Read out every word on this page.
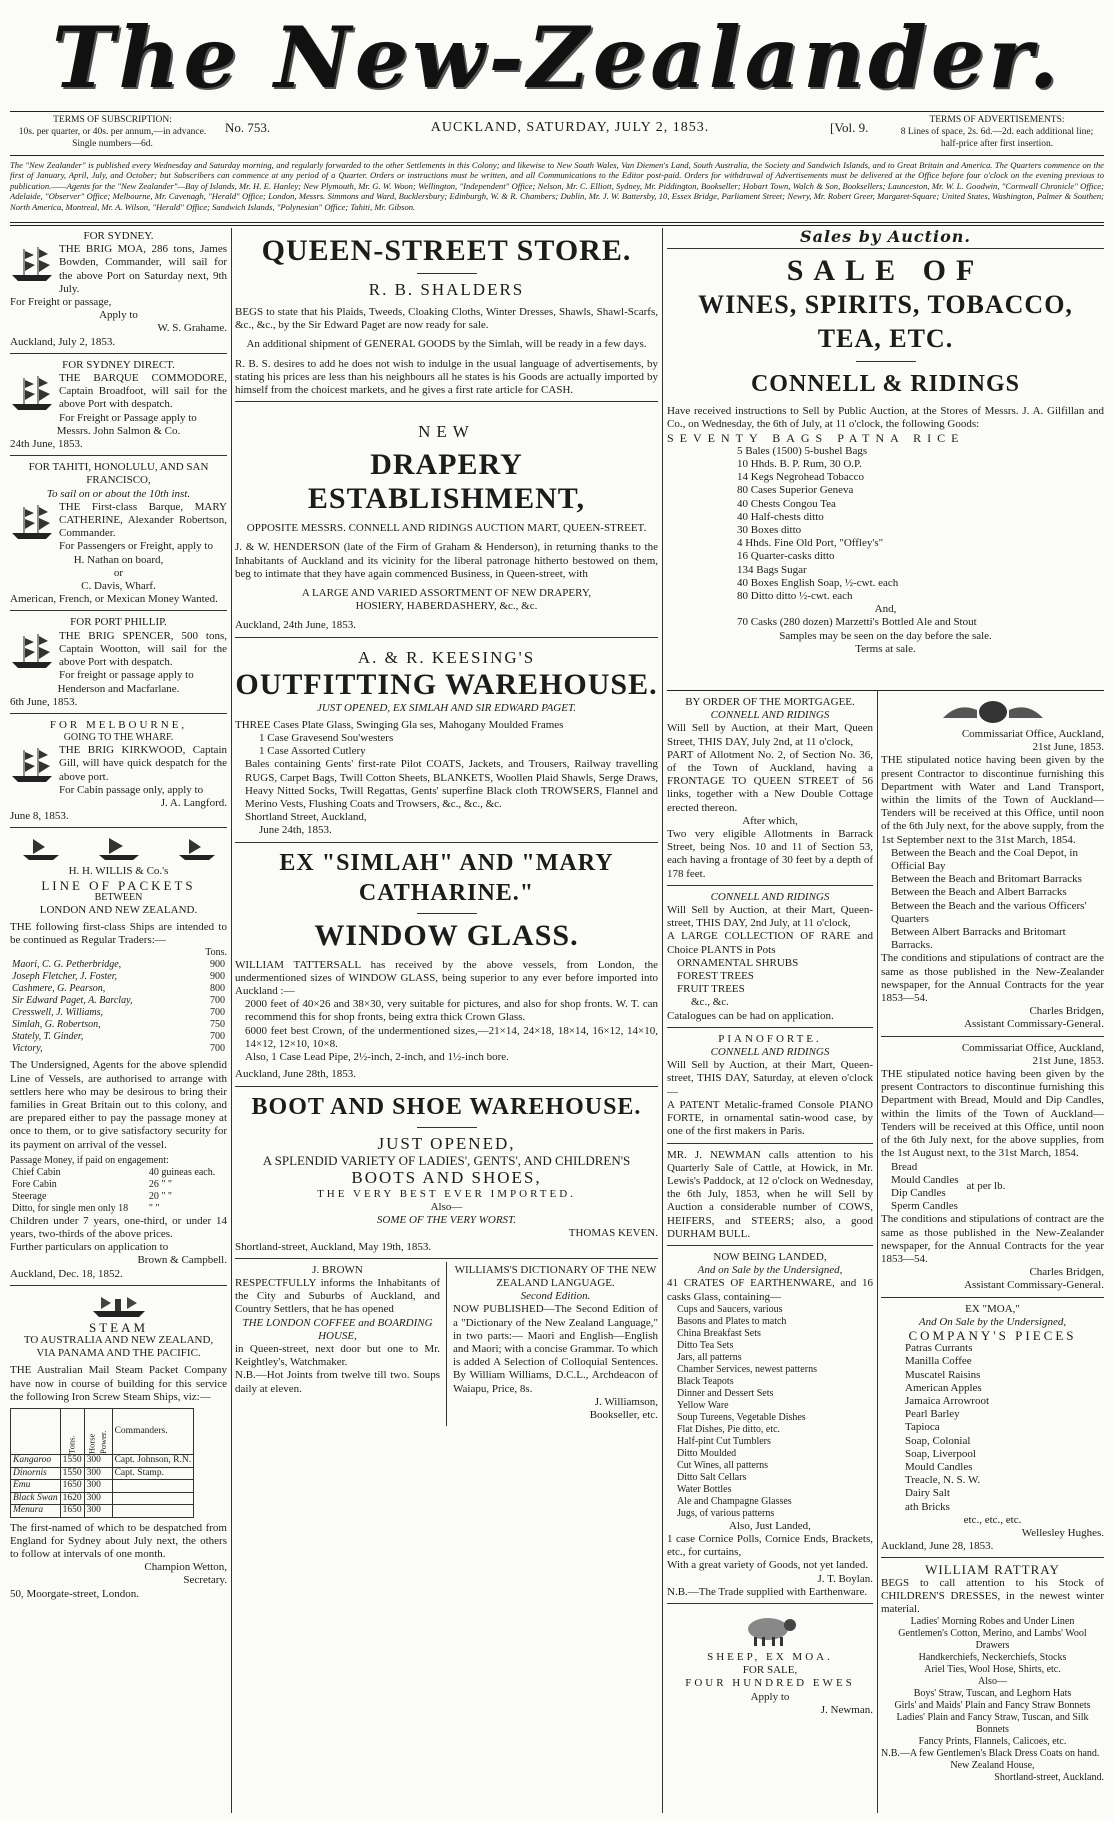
The New-Zealander.
TERMS OF SUBSCRIPTION:
10s. per quarter, or 40s. per annum,—in advance.
Single numbers—6d.
No. 753.	AUCKLAND, SATURDAY, JULY 2, 1853.	[Vol. 9.	TERMS OF ADVERTISEMENTS:
8 Lines of space, 2s. 6d.—2d. each additional line;
half-price after first insertion.
The "New Zealander" is published every Wednesday and Saturday morning, and regularly forwarded to the other Settlements in this Colony; and likewise to New South Wales, Van Diemen's Land, South Australia, the Society and Sandwich Islands, and to Great Britain and America. The Quarters commence on the first of January, April, July, and October; but Subscribers can commence at any period of a Quarter. Orders or instructions must be written, and all Communications to the Editor post-paid. Orders for withdrawal of Advertisements must be delivered at the Office before four o'clock on the evening previous to publication.——Agents for the "New Zealander"—Bay of Islands, Mr. H. E. Hanley; New Plymouth, Mr. G. W. Woon; Wellington, "Independent" Office; Nelson, Mr. C. Elliott, Sydney, Mr. Piddington, Bookseller; Hobart Town, Walch & Son, Booksellers; Launceston, Mr. W. L. Goodwin, "Cornwall Chronicle" Office; Adelaide, "Observer" Office; Melbourne, Mr. Cavenagh, "Herald" Office; London, Messrs. Simmons and Ward, Bucklersbury; Edinburgh, W. & R. Chambers; Dublin, Mr. J. W. Battersby, 10, Essex Bridge, Parliament Street; Newry, Mr. Robert Greer, Margaret-Square; United States, Washington, Palmer & Southen; North America, Montreal, Mr. A. Wilson, "Herald" Office; Sandwich Islands, "Polynesian" Office; Tahiti, Mr. Gibson.
FOR SYDNEY.
THE BRIG MOA, 286 tons, James Bowden, Commander, will sail for the above Port on Saturday next, 9th July.
For Freight or passage,
Apply to
W. S. Grahame.
Auckland, July 2, 1853.
FOR SYDNEY DIRECT.
THE BARQUE COMMODORE, Captain Broadfoot, will sail for the above Port with despatch.
For Freight or Passage apply to
Messrs. John Salmon & Co.
24th June, 1853.
FOR TAHITI, HONOLULU, AND SAN FRANCISCO,
To sail on or about the 10th inst.
THE First-class Barque, MARY CATHERINE, Alexander Robertson, Commander.
For Passengers or Freight, apply to
H. Nathan on board,
or
C. Davis, Wharf.
American, French, or Mexican Money Wanted.
FOR PORT PHILLIP.
THE BRIG SPENCER, 500 tons, Captain Wootton, will sail for the above Port with despatch.
For freight or passage apply to
Henderson and Macfarlane.
6th June, 1853.
FOR MELBOURNE,
GOING TO THE WHARF.
THE BRIG KIRKWOOD, Captain Gill, will have quick despatch for the above port.
For Cabin passage only, apply to
J. A. Langford.
June 8, 1853.
H. H. WILLIS & Co.'s
LINE OF PACKETS
BETWEEN
LONDON AND NEW ZEALAND.
THE following first-class Ships are intended to be continued as Regular Traders:—
Tons.
Maori, C. G. Petherbridge,	900
Joseph Fletcher, J. Foster,	900
Cashmere, G. Pearson,	800
Sir Edward Paget, A. Barclay,	700
Cresswell, J. Williams,	700
Simlah, G. Robertson,	750
Stately, T. Ginder,	700
Victory,	700
The Undersigned, Agents for the above splendid Line of Vessels, are authorised to arrange with settlers here who may be desirous to bring their families in Great Britain out to this colony, and are prepared either to pay the passage money at once to them, or to give satisfactory security for its payment on arrival of the vessel.
Passage Money, if paid on engagement:
Chief Cabin	40 guineas each.
Fore Cabin	26 " "
Steerage	20 " "
Ditto, for single men only 18	" "
Children under 7 years, one-third, or under 14 years, two-thirds of the above prices.
Further particulars on application to
Brown & Campbell.
Auckland, Dec. 18, 1852.
STEAM
TO AUSTRALIA AND NEW ZEALAND,
VIA PANAMA AND THE PACIFIC.
THE Australian Mail Steam Packet Company have now in course of building for this service the following Iron Screw Steam Ships, viz:—
	Tons.	Horse Power.	Commanders.
Kangaroo	1550	300	Capt. Johnson, R.N.
Dinornis	1550	300	Capt. Stamp.
Emu	1650	300	
Black Swan	1620	300	
Menura	1650	300	
The first-named of which to be despatched from England for Sydney about July next, the others to follow at intervals of one month.
Champion Wetton,
Secretary.
50, Moorgate-street, London.
QUEEN-STREET STORE.
R. B. SHALDERS
BEGS to state that his Plaids, Tweeds, Cloaking Cloths, Winter Dresses, Shawls, Shawl-Scarfs, &c., &c., by the Sir Edward Paget are now ready for sale.
An additional shipment of GENERAL GOODS by the Simlah, will be ready in a few days.
R. B. S. desires to add he does not wish to indulge in the usual language of advertisements, by stating his prices are less than his neighbours all he states is his Goods are actually imported by himself from the choicest markets, and he gives a first rate article for CASH.
NEW
DRAPERY ESTABLISHMENT,
OPPOSITE MESSRS. CONNELL AND RIDINGS AUCTION MART, QUEEN-STREET.
J. & W. HENDERSON (late of the Firm of Graham & Henderson), in returning thanks to the Inhabitants of Auckland and its vicinity for the liberal patronage hitherto bestowed on them, beg to intimate that they have again commenced Business, in Queen-street, with
A LARGE AND VARIED ASSORTMENT OF NEW DRAPERY,
HOSIERY, HABERDASHERY, &c., &c.
Auckland, 24th June, 1853.
A. & R. KEESING'S
OUTFITTING WAREHOUSE.
JUST OPENED, EX SIMLAH AND SIR EDWARD PAGET.
THREE Cases Plate Glass, Swinging Gla ses, Mahogany Moulded Frames
1 Case Gravesend Sou'westers
1 Case Assorted Cutlery
Bales containing Gents' first-rate Pilot COATS, Jackets, and Trousers, Railway travelling RUGS, Carpet Bags, Twill Cotton Sheets, BLANKETS, Woollen Plaid Shawls, Serge Draws, Heavy Nitted Socks, Twill Regattas, Gents' superfine Black cloth TROWSERS, Flannel and Merino Vests, Flushing Coats and Trowsers, &c., &c., &c.
Shortland Street, Auckland,
June 24th, 1853.
EX "SIMLAH" AND "MARY CATHARINE."
WINDOW GLASS.
WILLIAM TATTERSALL has received by the above vessels, from London, the undermentioned sizes of WINDOW GLASS, being superior to any ever before imported into Auckland :—
2000 feet of 40×26 and 38×30, very suitable for pictures, and also for shop fronts. W. T. can recommend this for shop fronts, being extra thick Crown Glass.
6000 feet best Crown, of the undermentioned sizes,—21×14, 24×18, 18×14, 16×12, 14×10, 14×12, 12×10, 10×8.
Also, 1 Case Lead Pipe, 2½-inch, 2-inch, and 1½-inch bore.
Auckland, June 28th, 1853.
BOOT AND SHOE WAREHOUSE.
JUST OPENED,
A SPLENDID VARIETY OF LADIES', GENTS', AND CHILDREN'S
BOOTS AND SHOES,
THE VERY BEST EVER IMPORTED.
Also—
SOME OF THE VERY WORST.
THOMAS KEVEN.
Shortland-street, Auckland, May 19th, 1853.
J. BROWN
RESPECTFULLY informs the Inhabitants of the City and Suburbs of Auckland, and Country Settlers, that he has opened
THE LONDON COFFEE and BOARDING HOUSE,
in Queen-street, next door but one to Mr. Keightley's, Watchmaker.
N.B.—Hot Joints from twelve till two. Soups daily at eleven.
WILLIAMS'S DICTIONARY OF THE NEW ZEALAND LANGUAGE.
Second Edition.
NOW PUBLISHED—The Second Edition of a "Dictionary of the New Zealand Language," in two parts:— Maori and English—English and Maori; with a concise Grammar. To which is added A Selection of Colloquial Sentences. By William Williams, D.C.L., Archdeacon of Waiapu, Price, 8s.
J. Williamson,
Bookseller, etc.
Sales by Auction.
SALE OF
WINES, SPIRITS, TOBACCO, TEA, ETC.
CONNELL & RIDINGS
Have received instructions to Sell by Public Auction, at the Stores of Messrs. J. A. Gilfillan and Co., on Wednesday, the 6th of July, at 11 o'clock, the following Goods:
SEVENTY BAGS PATNA RICE
5 Bales (1500) 5-bushel Bags
10 Hhds. B. P. Rum, 30 O.P.
14 Kegs Negrohead Tobacco
80 Cases Superior Geneva
40 Chests Congou Tea
40 Half-chests ditto
30 Boxes ditto
4 Hhds. Fine Old Port, "Offley's"
16 Quarter-casks ditto
134 Bags Sugar
40 Boxes English Soap, ½-cwt. each
80 Ditto ditto ½-cwt. each
And,
70 Casks (280 dozen) Marzetti's Bottled Ale and Stout
Samples may be seen on the day before the sale.
Terms at sale.
BY ORDER OF THE MORTGAGEE.
CONNELL AND RIDINGS
Will Sell by Auction, at their Mart, Queen Street, THIS DAY, July 2nd, at 11 o'clock,
PART of Allotment No. 2, of Section No. 36, of the Town of Auckland, having a FRONTAGE TO QUEEN STREET of 56 links, together with a New Double Cottage erected thereon.
After which,
Two very eligible Allotments in Barrack Street, being Nos. 10 and 11 of Section 53, each having a frontage of 30 feet by a depth of 178 feet.
CONNELL AND RIDINGS
Will Sell by Auction, at their Mart, Queen-street, THIS DAY, 2nd July, at 11 o'clock,
A LARGE COLLECTION OF RARE and Choice PLANTS in Pots
ORNAMENTAL SHRUBS
FOREST TREES
FRUIT TREES
&c., &c.
Catalogues can be had on application.
PIANOFORTE.
CONNELL AND RIDINGS
Will Sell by Auction, at their Mart, Queen-street, THIS DAY, Saturday, at eleven o'clock—
A PATENT Metalic-framed Console PIANO FORTE, in ornamental satin-wood case, by one of the first makers in Paris.
MR. J. NEWMAN calls attention to his Quarterly Sale of Cattle, at Howick, in Mr. Lewis's Paddock, at 12 o'clock on Wednesday, the 6th July, 1853, when he will Sell by Auction a considerable number of COWS, HEIFERS, and STEERS; also, a good DURHAM BULL.
NOW BEING LANDED,
And on Sale by the Undersigned,
41 CRATES OF EARTHENWARE, and 16 casks Glass, containing—
Cups and Saucers, various
Basons and Plates to match
China Breakfast Sets
Ditto Tea Sets
Jars, all patterns
Chamber Services, newest patterns
Black Teapots
Dinner and Dessert Sets
Yellow Ware
Soup Tureens, Vegetable Dishes
Flat Dishes, Pie ditto, etc.
Half-pint Cut Tumblers
Ditto Moulded
Cut Wines, all patterns
Ditto Salt Cellars
Water Bottles
Ale and Champagne Glasses
Jugs, of various patterns
Also, Just Landed,
1 case Cornice Polls, Cornice Ends, Brackets, etc., for curtains,
With a great variety of Goods, not yet landed.
J. T. Boylan.
N.B.—The Trade supplied with Earthenware.
SHEEP, EX MOA.
FOR SALE,
FOUR HUNDRED EWES
Apply to
J. Newman.
Commissariat Office, Auckland,
21st June, 1853.
THE stipulated notice having been given by the present Contractor to discontinue furnishing this Department with Water and Land Transport, within the limits of the Town of Auckland—Tenders will be received at this Office, until noon of the 6th July next, for the above supply, from the 1st September next to the 31st March, 1854.
Between the Beach and the Coal Depot, in Official Bay
Between the Beach and Britomart Barracks
Between the Beach and Albert Barracks
Between the Beach and the various Officers' Quarters
Between Albert Barracks and Britomart Barracks.
The conditions and stipulations of contract are the same as those published in the New-Zealander newspaper, for the Annual Contracts for the year 1853—54.
Charles Bridgen,
Assistant Commissary-General.
Commissariat Office, Auckland,
21st June, 1853.
THE stipulated notice having been given by the present Contractors to discontinue furnishing this Department with Bread, Mould and Dip Candles, within the limits of the Town of Auckland—Tenders will be received at this Office, until noon of the 6th July next, for the above supplies, from the 1st August next, to the 31st March, 1854.
Bread
Mould Candles
Dip Candles
Sperm Candles
at per lb.
The conditions and stipulations of contract are the same as those published in the New-Zealander newspaper, for the Annual Contracts for the year 1853—54.
Charles Bridgen,
Assistant Commissary-General.
EX "MOA,"
And On Sale by the Undersigned,
COMPANY'S PIECES
Patras Currants
Manilla Coffee
Muscatel Raisins
American Apples
Jamaica Arrowroot
Pearl Barley
Tapioca
Soap, Colonial
Soap, Liverpool
Mould Candles
Treacle, N. S. W.
Dairy Salt
ath Bricks
etc., etc., etc.
Wellesley Hughes.
Auckland, June 28, 1853.
WILLIAM RATTRAY
BEGS to call attention to his Stock of CHILDREN'S DRESSES, in the newest winter material.
Ladies' Morning Robes and Under Linen
Gentlemen's Cotton, Merino, and Lambs' Wool Drawers
Handkerchiefs, Neckerchiefs, Stocks
Ariel Ties, Wool Hose, Shirts, etc.
Also—
Boys' Straw, Tuscan, and Leghorn Hats
Girls' and Maids' Plain and Fancy Straw Bonnets
Ladies' Plain and Fancy Straw, Tuscan, and Silk Bonnets
Fancy Prints, Flannels, Calicoes, etc.
N.B.—A few Gentlemen's Black Dress Coats on hand.
New Zealand House,
Shortland-street, Auckland.
